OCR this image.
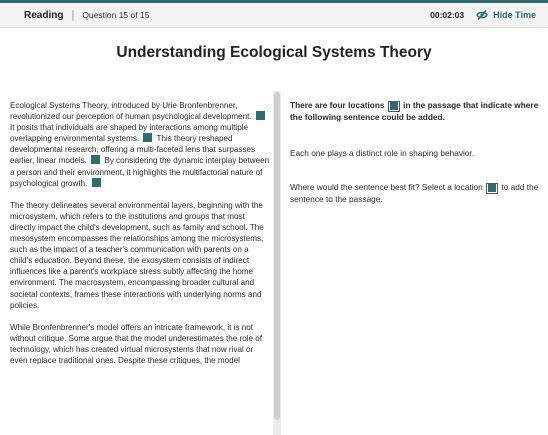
Reading | Question 15 of 15	00:02:03	Hide Time
Understanding Ecological Systems Theory

Ecological Systems Theory, introduced by Urie Bronfenbrenner, revolutionized our perception of human psychological development.  It posits that individuals are shaped by interactions among multiple overlapping environmental systems. This theory reshaped developmental research, offering a multi-faceted lens that surpasses earlier, linear models. By considering the dynamic interplay between a person and their environment, it highlights the multifactorial nature of psychological growth.

The theory delineates several environmental layers, beginning with the microsystem, which refers to the institutions and groups that most directly impact the child's development, such as family and school. The mesosystem encompasses the relationships among the microsystems, such as the impact of a teacher's communication with parents on a child's education. Beyond these, the exosystem consists of indirect influences like a parent's workplace stress subtly affecting the home environment. The macrosystem, encompassing broader cultural and societal contexts, frames these interactions with underlying norms and policies.

While Bronfenbrenner's model offers an intricate framework, it is not without critique. Some argue that the model underestimates the role of technology, which has created virtual microsystems that now rival or even replace traditional ones. Despite these critiques, the model

There are four locations in the passage that indicate where the following sentence could be added.
Each one plays a distinct role in shaping behavior.
Where would the sentence best fit? Select a location to add the sentence to the passage.
